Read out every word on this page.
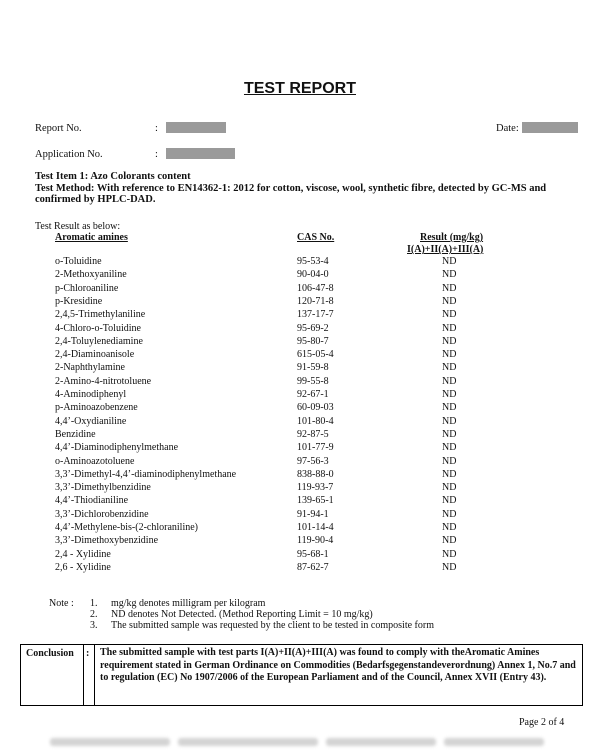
TEST REPORT
Report No.	:	Date:
Application No.	:
Test Item 1: Azo Colorants content
Test Method: With reference to EN14362-1: 2012 for cotton, viscose, wool, synthetic fibre, detected by GC-MS and confirmed by HPLC-DAD.
Test Result as below:
Aromatic amines	CAS No.	Result (mg/kg)
I(A)+II(A)+III(A)
o-Toluidine	95-53-4	ND
2-Methoxyaniline	90-04-0	ND
p-Chloroaniline	106-47-8	ND
p-Kresidine	120-71-8	ND
2,4,5-Trimethylaniline	137-17-7	ND
4-Chloro-o-Toluidine	95-69-2	ND
2,4-Toluylenediamine	95-80-7	ND
2,4-Diaminoanisole	615-05-4	ND
2-Naphthylamine	91-59-8	ND
2-Amino-4-nitrotoluene	99-55-8	ND
4-Aminodiphenyl	92-67-1	ND
p-Aminoazobenzene	60-09-03	ND
4,4’-Oxydianiline	101-80-4	ND
Benzidine	92-87-5	ND
4,4’-Diaminodiphenylmethane	101-77-9	ND
o-Aminoazotoluene	97-56-3	ND
3,3’-Dimethyl-4,4’-diaminodiphenylmethane	838-88-0	ND
3,3’-Dimethylbenzidine	119-93-7	ND
4,4’-Thiodianiline	139-65-1	ND
3,3’-Dichlorobenzidine	91-94-1	ND
4,4’-Methylene-bis-(2-chloraniline)	101-14-4	ND
3,3’-Dimethoxybenzidine	119-90-4	ND
2,4 - Xylidine	95-68-1	ND
2,6 - Xylidine	87-62-7	ND
Note : 1. mg/kg denotes milligram per kilogram
2. ND denotes Not Detected. (Method Reporting Limit = 10 mg/kg)
3. The submitted sample was requested by the client to be tested in composite form
Conclusion : The submitted sample with test parts I(A)+II(A)+III(A) was found to comply with theAromatic Amines requirement stated in German Ordinance on Commodities (Bedarfsgegenstandeverordnung) Annex 1, No.7 and to regulation (EC) No 1907/2006 of the European Parliament and of the Council, Annex XVII (Entry 43).
Page 2 of 4
